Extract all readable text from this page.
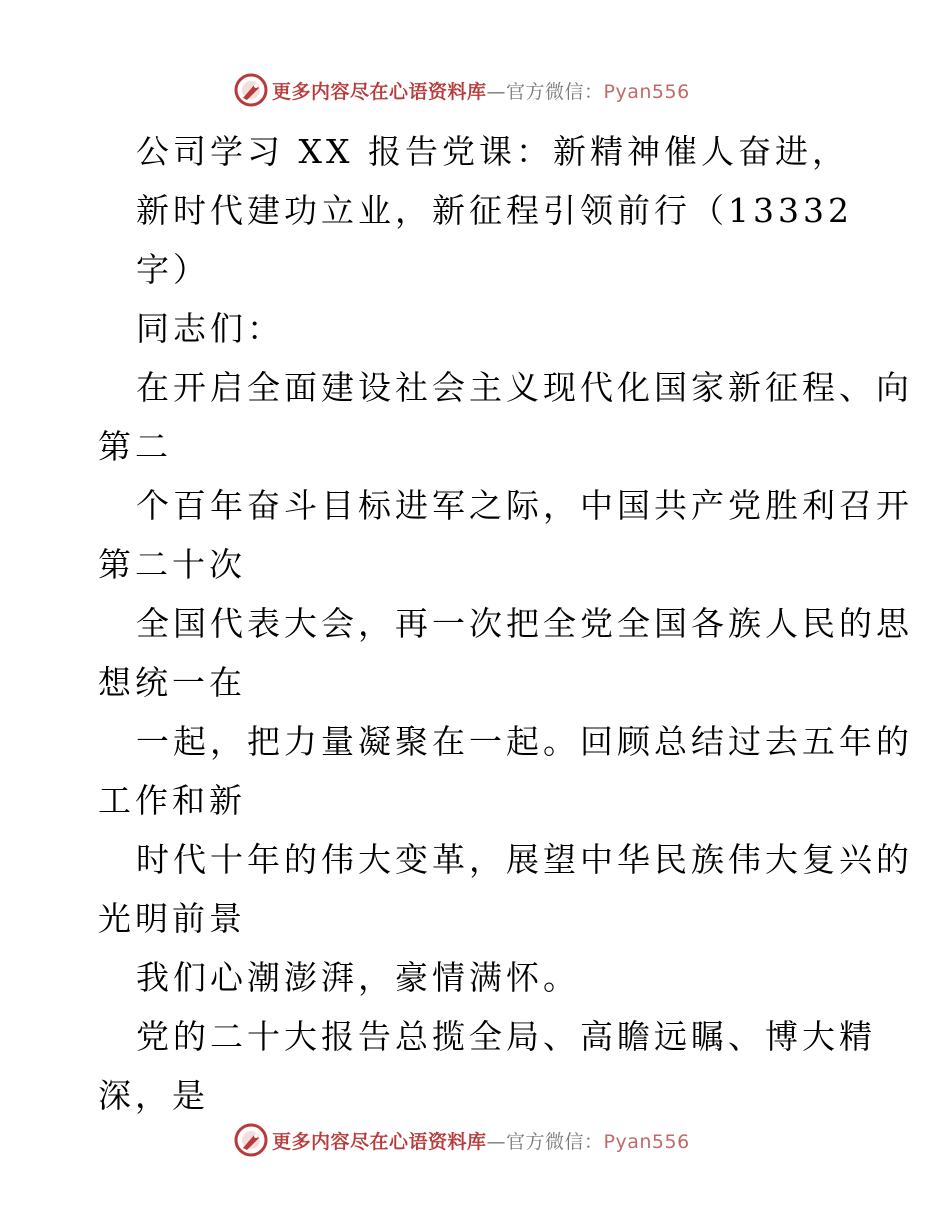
更多内容尽在心语资料库—官方微信：Pyan556
公司学习 XX 报告党课：新精神催人奋进，
新时代建功立业，新征程引领前行（13332
字）
同志们：
在开启全面建设社会主义现代化国家新征程、向
第二
个百年奋斗目标进军之际，中国共产党胜利召开
第二十次
全国代表大会，再一次把全党全国各族人民的思
想统一在
一起，把力量凝聚在一起。回顾总结过去五年的
工作和新
时代十年的伟大变革，展望中华民族伟大复兴的
光明前景
我们心潮澎湃，豪情满怀。
党的二十大报告总揽全局、高瞻远瞩、博大精
深，是
更多内容尽在心语资料库—官方微信：Pyan556
